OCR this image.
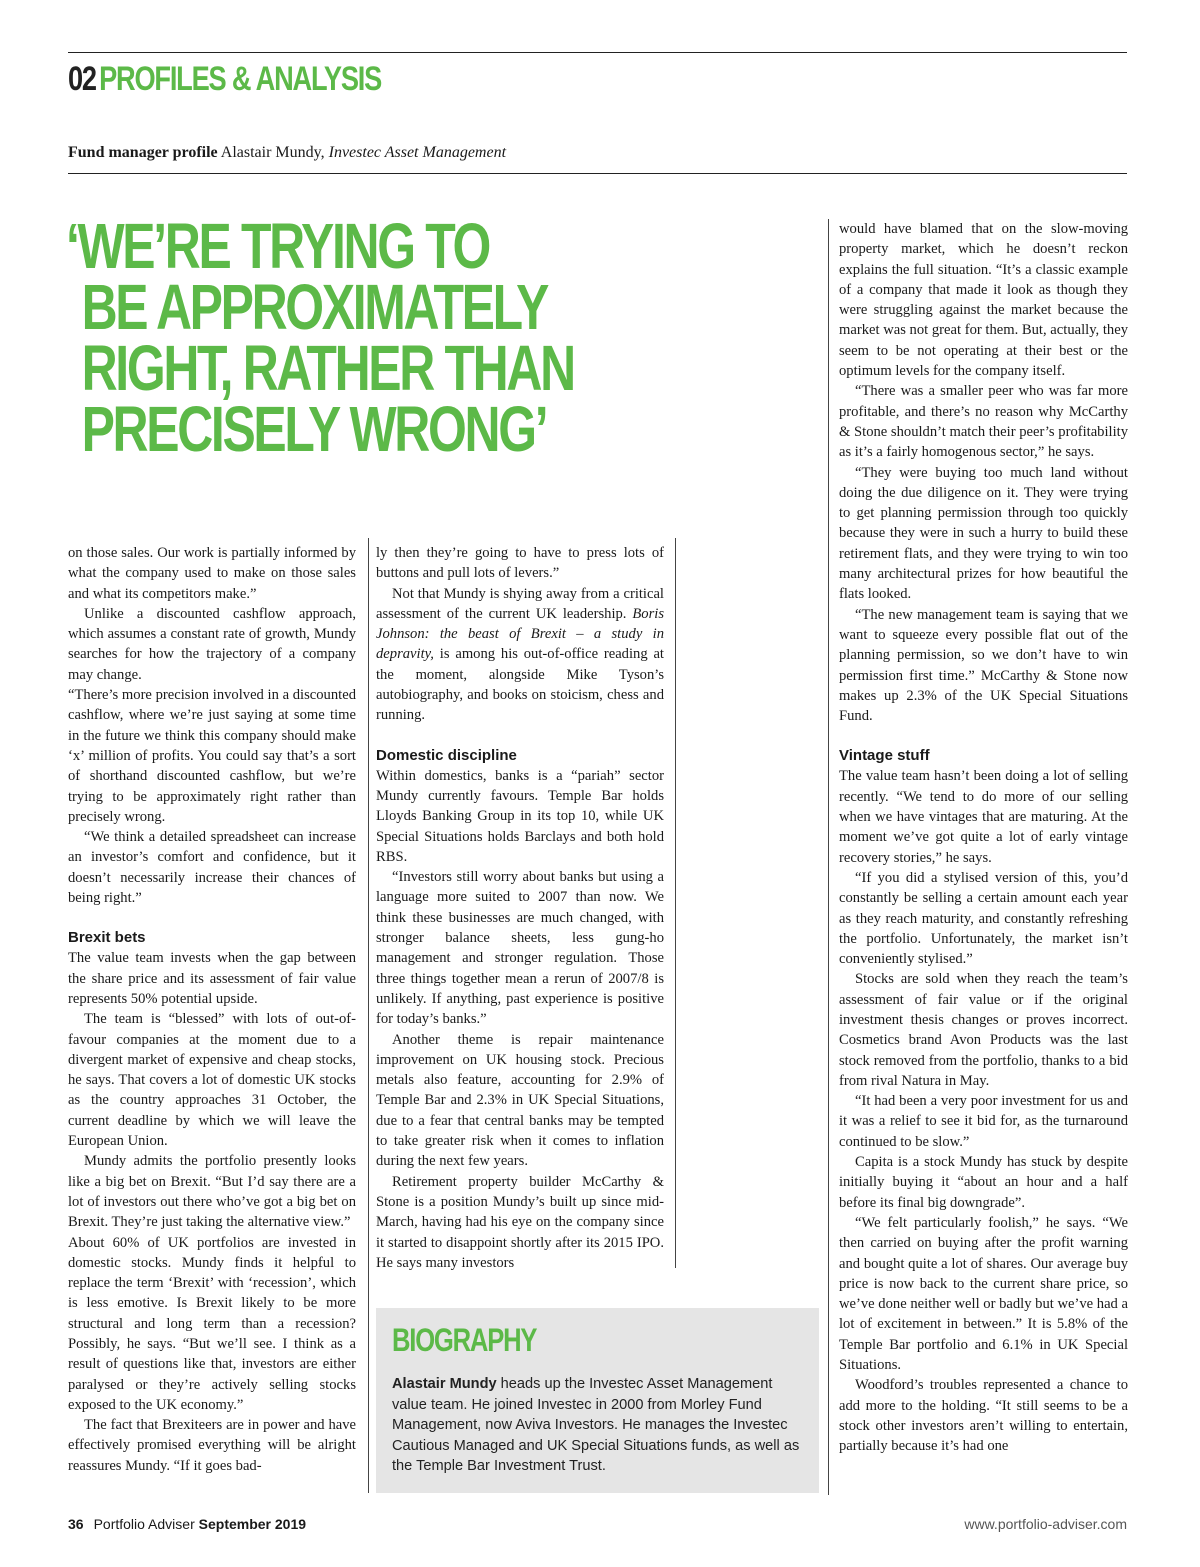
02PROFILES & ANALYSIS
Fund manager profile Alastair Mundy, Investec Asset Management
‘WE’RE TRYING TO
BE APPROXIMATELY
RIGHT, RATHER THAN
PRECISELY WRONG’

on those sales. Our work is partially informed by what the company used to make on those sales and what its competitors make.”

Unlike a discounted cashflow approach, which assumes a constant rate of growth, Mundy searches for how the trajectory of a company may change.

“There’s more precision involved in a discounted cashflow, where we’re just saying at some time in the future we think this company should make ‘x’ million of profits. You could say that’s a sort of shorthand discounted cashflow, but we’re trying to be approximately right rather than precisely wrong.

“We think a detailed spreadsheet can increase an investor’s comfort and confidence, but it doesn’t necessarily increase their chances of being right.”

Brexit bets

The value team invests when the gap between the share price and its assessment of fair value represents 50% potential upside.

The team is “blessed” with lots of out-of-favour companies at the moment due to a divergent market of expensive and cheap stocks, he says. That covers a lot of domestic UK stocks as the country approaches 31 October, the current deadline by which we will leave the European Union.

Mundy admits the portfolio presently looks like a big bet on Brexit. “But I’d say there are a lot of investors out there who’ve got a big bet on Brexit. They’re just taking the alternative view.”

About 60% of UK portfolios are invested in domestic stocks. Mundy finds it helpful to replace the term ‘Brexit’ with ‘recession’, which is less emotive. Is Brexit likely to be more structural and long term than a recession? Possibly, he says. “But we’ll see. I think as a result of questions like that, investors are either paralysed or they’re actively selling stocks exposed to the UK economy.”

The fact that Brexiteers are in power and have effectively promised everything will be alright reassures Mundy. “If it goes bad-

ly then they’re going to have to press lots of buttons and pull lots of levers.”

Not that Mundy is shying away from a critical assessment of the current UK leadership. Boris Johnson: the beast of Brexit – a study in depravity, is among his out-of-office reading at the moment, alongside Mike Tyson’s autobiography, and books on stoicism, chess and running.

Domestic discipline

Within domestics, banks is a “pariah” sector Mundy currently favours. Temple Bar holds Lloyds Banking Group in its top 10, while UK Special Situations holds Barclays and both hold RBS.

“Investors still worry about banks but using a language more suited to 2007 than now. We think these businesses are much changed, with stronger balance sheets, less gung-ho management and stronger regulation. Those three things together mean a rerun of 2007/8 is unlikely. If anything, past experience is positive for today’s banks.”

Another theme is repair maintenance improvement on UK housing stock. Precious metals also feature, accounting for 2.9% of Temple Bar and 2.3% in UK Special Situations, due to a fear that central banks may be tempted to take greater risk when it comes to inflation during the next few years.

Retirement property builder McCarthy & Stone is a position Mundy’s built up since mid-March, having had his eye on the company since it started to disappoint shortly after its 2015 IPO. He says many investors

BIOGRAPHY
Alastair Mundy heads up the Investec Asset Management value team. He joined Investec in 2000 from Morley Fund Management, now Aviva Investors. He manages the Investec Cautious Managed and UK Special Situations funds, as well as the Temple Bar Investment Trust.

would have blamed that on the slow-moving property market, which he doesn’t reckon explains the full situation. “It’s a classic example of a company that made it look as though they were struggling against the market because the market was not great for them. But, actually, they seem to be not operating at their best or the optimum levels for the company itself.

“There was a smaller peer who was far more profitable, and there’s no reason why McCarthy & Stone shouldn’t match their peer’s profitability as it’s a fairly homogenous sector,” he says.

“They were buying too much land without doing the due diligence on it. They were trying to get planning permission through too quickly because they were in such a hurry to build these retirement flats, and they were trying to win too many architectural prizes for how beautiful the flats looked.

“The new management team is saying that we want to squeeze every possible flat out of the planning permission, so we don’t have to win permission first time.” McCarthy & Stone now makes up 2.3% of the UK Special Situations Fund.

Vintage stuff

The value team hasn’t been doing a lot of selling recently. “We tend to do more of our selling when we have vintages that are maturing. At the moment we’ve got quite a lot of early vintage recovery stories,” he says.

“If you did a stylised version of this, you’d constantly be selling a certain amount each year as they reach maturity, and constantly refreshing the portfolio. Unfortunately, the market isn’t conveniently stylised.”

Stocks are sold when they reach the team’s assessment of fair value or if the original investment thesis changes or proves incorrect. Cosmetics brand Avon Products was the last stock removed from the portfolio, thanks to a bid from rival Natura in May.

“It had been a very poor investment for us and it was a relief to see it bid for, as the turnaround continued to be slow.”

Capita is a stock Mundy has stuck by despite initially buying it “about an hour and a half before its final big downgrade”.

“We felt particularly foolish,” he says. “We then carried on buying after the profit warning and bought quite a lot of shares. Our average buy price is now back to the current share price, so we’ve done neither well or badly but we’ve had a lot of excitement in between.” It is 5.8% of the Temple Bar portfolio and 6.1% in UK Special Situations.

Woodford’s troubles represented a chance to add more to the holding. “It still seems to be a stock other investors aren’t willing to entertain, partially because it’s had one

36 Portfolio Adviser September 2019	www.portfolio-adviser.com
